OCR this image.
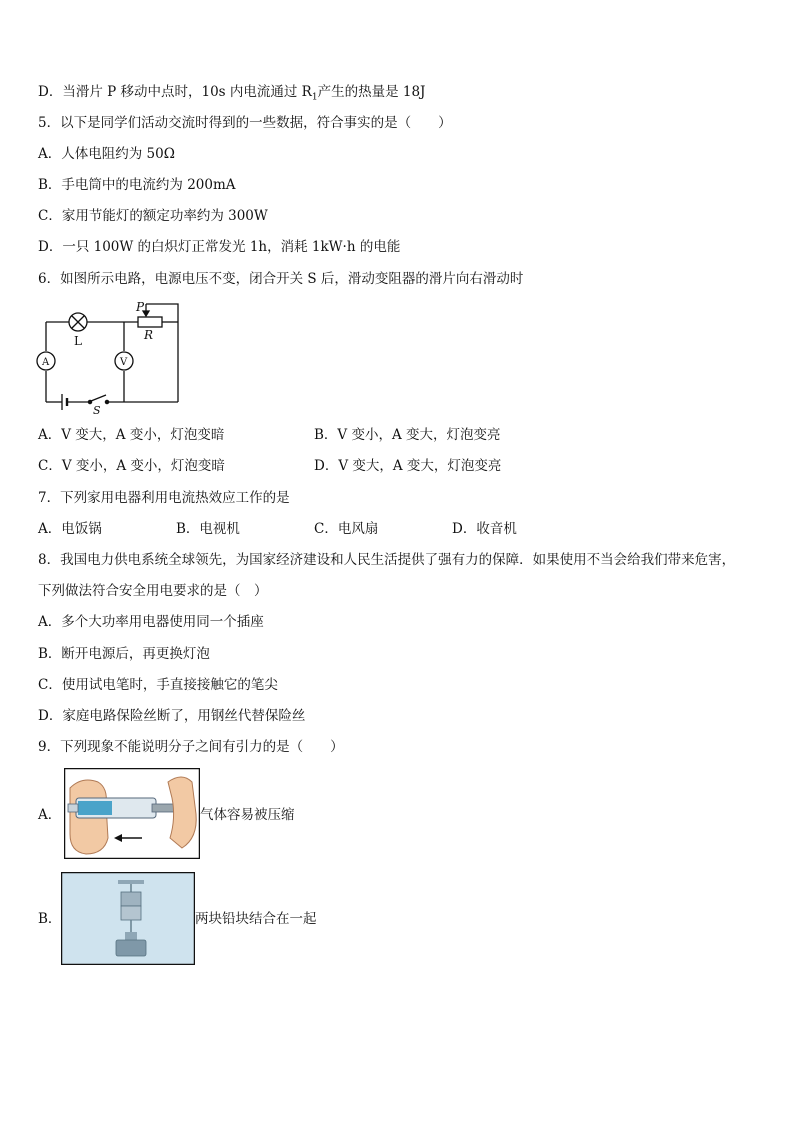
D．当滑片 P 移动中点时，10s 内电流通过 $R_1$产生的热量是 18J
5．以下是同学们活动交流时得到的一些数据，符合事实的是（　　）
A．人体电阻约为 50Ω
B．手电筒中的电流约为 200mA
C．家用节能灯的额定功率约为 300W
D．一只 100W 的白炽灯正常发光 1h，消耗 1kW·h 的电能
6．如图所示电路，电源电压不变，闭合开关 S 后，滑动变阻器的滑片向右滑动时
P
R
L
A	V
S
A．V 变大，A 变小，灯泡变暗	B．V 变小，A 变大，灯泡变亮
C．V 变小，A 变小，灯泡变暗	D．V 变大，A 变大，灯泡变亮
7．下列家用电器利用电流热效应工作的是
A．电饭锅	B．电视机	C．电风扇	D．收音机
8．我国电力供电系统全球领先，为国家经济建设和人民生活提供了强有力的保障．如果使用不当会给我们带来危害，
下列做法符合安全用电要求的是（　）
A．多个大功率用电器使用同一个插座
B．断开电源后，再更换灯泡
C．使用试电笔时，手直接接触它的笔尖
D．家庭电路保险丝断了，用钢丝代替保险丝
9．下列现象不能说明分子之间有引力的是（　　）
A．	气体容易被压缩
B．	两块铅块结合在一起
